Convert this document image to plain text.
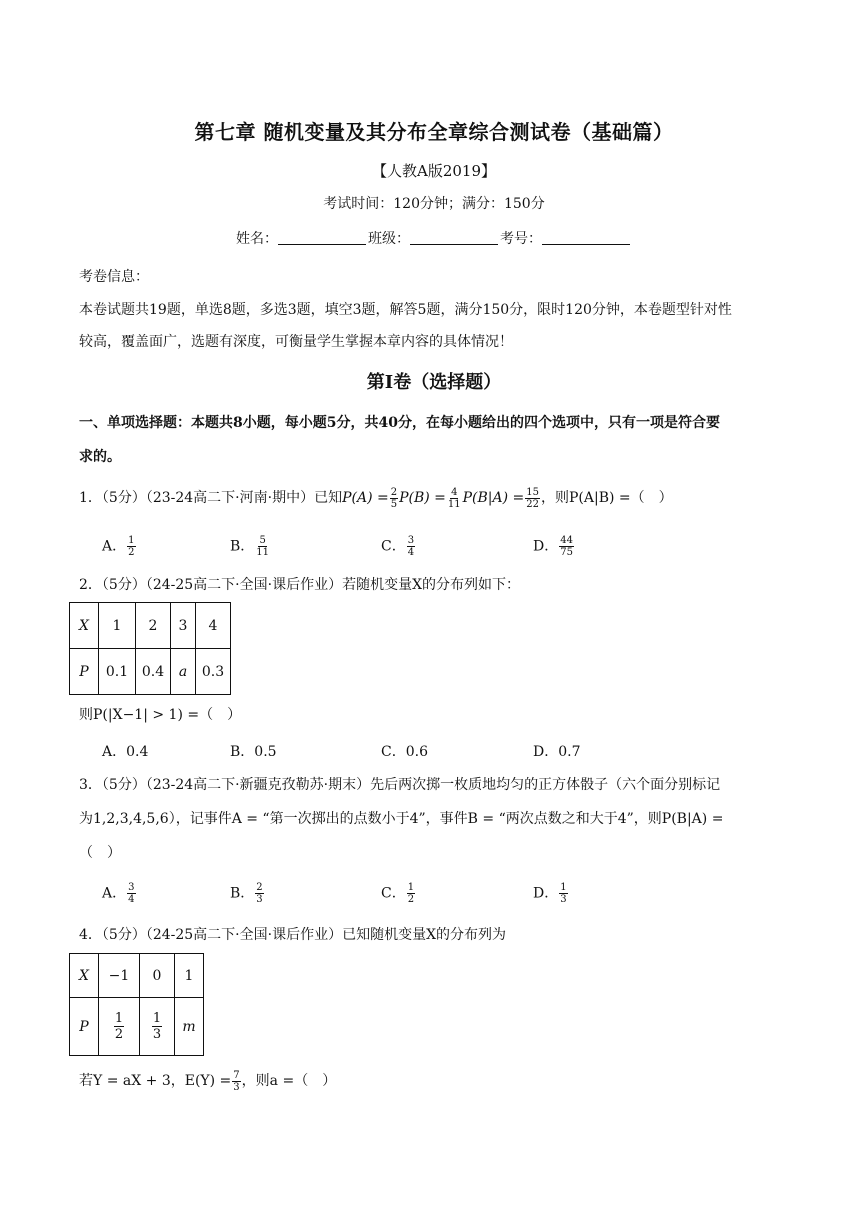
第七章 随机变量及其分布全章综合测试卷（基础篇）
【人教A版2019】
考试时间：120分钟；满分：150分
姓名：	班级：	考号：
考卷信息：
本卷试题共19题，单选8题，多选3题，填空3题，解答5题，满分150分，限时120分钟，本卷题型针对性
较高，覆盖面广，选题有深度，可衡量学生掌握本章内容的具体情况！
第I卷（选择题）
一、单项选择题：本题共8小题，每小题5分，共40分，在每小题给出的四个选项中，只有一项是符合要
求的。
1．（5分）（23-24高二下·河南·期中）已知$P(A) = \frac{2}{5} P(B) = \frac{4}{11} P(B|A) = \frac{15}{22}$ ，则P(A|B) =（　）
A． $\frac{1}{2}$	B． $\frac{5}{11}$	C． $\frac{3}{4}$	D． $\frac{44}{75}$
2．（5分）（24-25高二下·全国·课后作业）若随机变量X的分布列如下：
X	1	2	3	4
P	0.1	0.4	a	0.3
则P(|X−1| > 1) =（　）
A．0.4	B．0.5	C．0.6	D．0.7
3．（5分）（23-24高二下·新疆克孜勒苏·期末）先后两次掷一枚质地均匀的正方体骰子（六个面分别标记
为1,2,3,4,5,6），记事件A = “第一次掷出的点数小于4”，事件B = “两次点数之和大于4”，则P(B|A) =
（　）
A． $\frac{3}{4}$	B． $\frac{2}{3}$	C． $\frac{1}{2}$	D． $\frac{1}{3}$
4．（5分）（24-25高二下·全国·课后作业）已知随机变量X的分布列为
X	−1	0	1
P	$\frac{1}{2}$	$\frac{1}{3}$	m
若Y = aX + 3，$E(Y) = \frac{7}{3}$ ，则a =（　）
